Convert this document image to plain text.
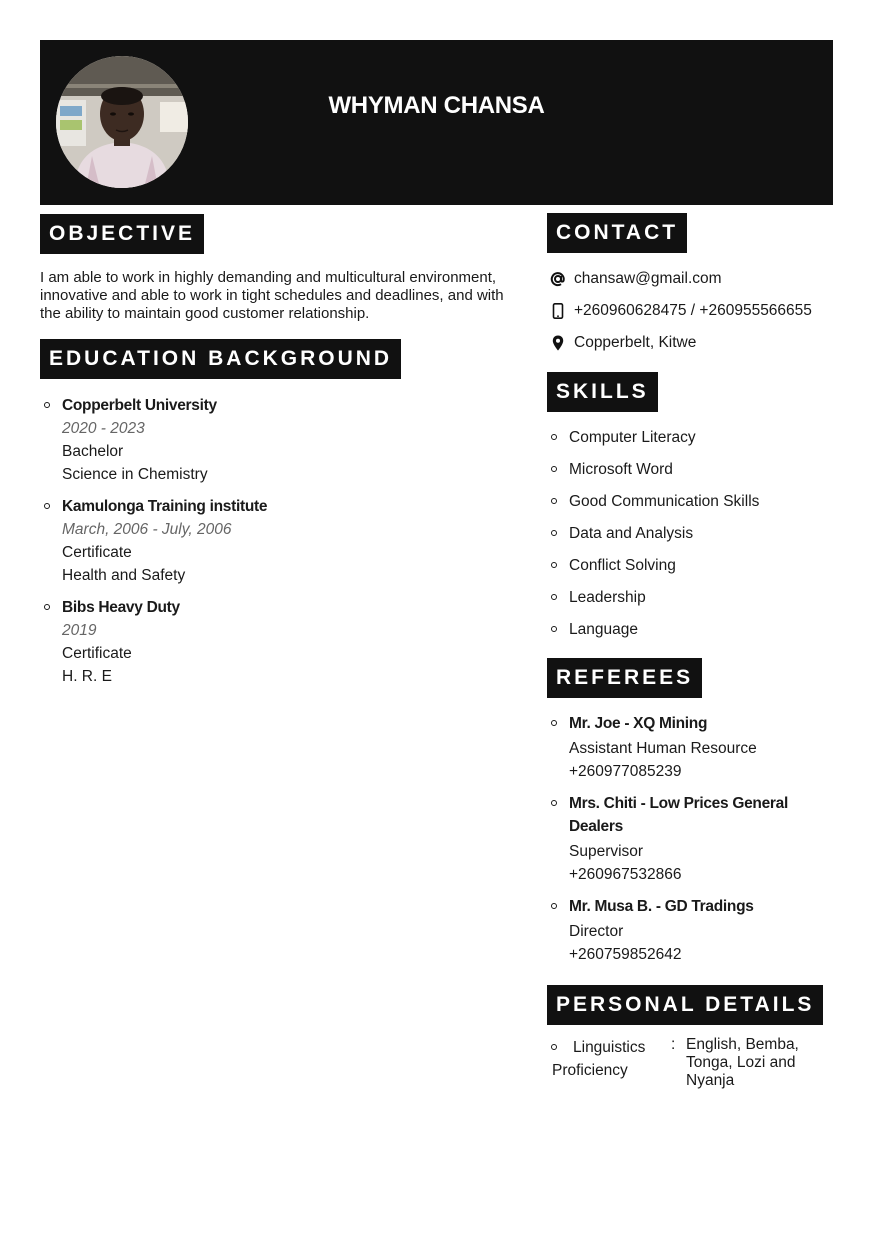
WHYMAN CHANSA
OBJECTIVE
I am able to work in highly demanding and multicultural environment, innovative and able to work in tight schedules and deadlines, and with the ability to maintain good customer relationship.
EDUCATION BACKGROUND
Copperbelt University
2020 - 2023
Bachelor
Science in Chemistry
Kamulonga Training institute
March, 2006 - July, 2006
Certificate
Health and Safety
Bibs Heavy Duty
2019
Certificate
H. R. E
CONTACT
chansaw@gmail.com
+260960628475 / +260955566655
Copperbelt, Kitwe
SKILLS
Computer Literacy
Microsoft Word
Good Communication Skills
Data and Analysis
Conflict Solving
Leadership
Language
REFEREES
Mr. Joe - XQ Mining
Assistant Human Resource
+260977085239
Mrs. Chiti - Low Prices General Dealers
Supervisor
+260967532866
Mr. Musa B. - GD Tradings
Director
+260759852642
PERSONAL DETAILS
Linguistics Proficiency
: English, Bemba, Tonga, Lozi and Nyanja
